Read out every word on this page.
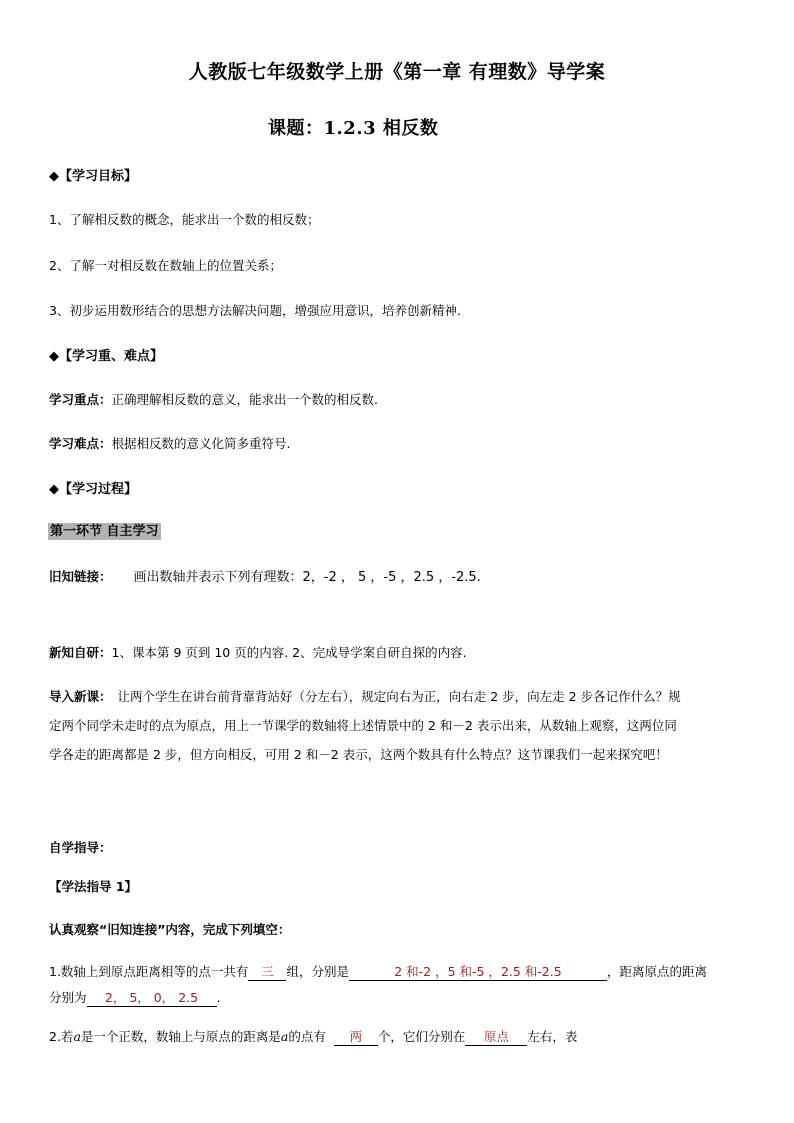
人教版七年级数学上册《第一章 有理数》导学案
课题：1.2.3 相反数
◆【学习目标】
1、了解相反数的概念，能求出一个数的相反数；
2、了解一对相反数在数轴上的位置关系；
3、初步运用数形结合的思想方法解决问题，增强应用意识，培养创新精神.
◆【学习重、难点】
学习重点：正确理解相反数的意义，能求出一个数的相反数.
学习难点：根据相反数的意义化简多重符号.
◆【学习过程】
第一环节 自主学习
旧知链接： 画出数轴并表示下列有理数：2，-2 ， 5 ，-5 ，2.5 ，-2.5.
新知自研：1、课本第 9 页到 10 页的内容. 2、完成导学案自研自探的内容.
导入新课： 让两个学生在讲台前背靠背站好（分左右），规定向右为正，向右走 2 步，向左走 2 步各记作什么？规
定两个同学未走时的点为原点，用上一节课学的数轴将上述情景中的 2 和－2 表示出来，从数轴上观察，这两位同
学各走的距离都是 2 步，但方向相反，可用 2 和－2 表示，这两个数具有什么特点？这节课我们一起来探究吧！
自学指导：
【学法指导 1】
认真观察“旧知连接”内容，完成下列填空：
1.数轴上到原点距离相等的点一共有 三 组，分别是	2 和-2 ，5 和-5 ，2.5 和-2.5	，距离原点的距离
分别为 2， 5， 0， 2.5 .
2.若a是一个正数，数轴上与原点的距离是a的点有 两 个，它们分别在 原点 左右，表
